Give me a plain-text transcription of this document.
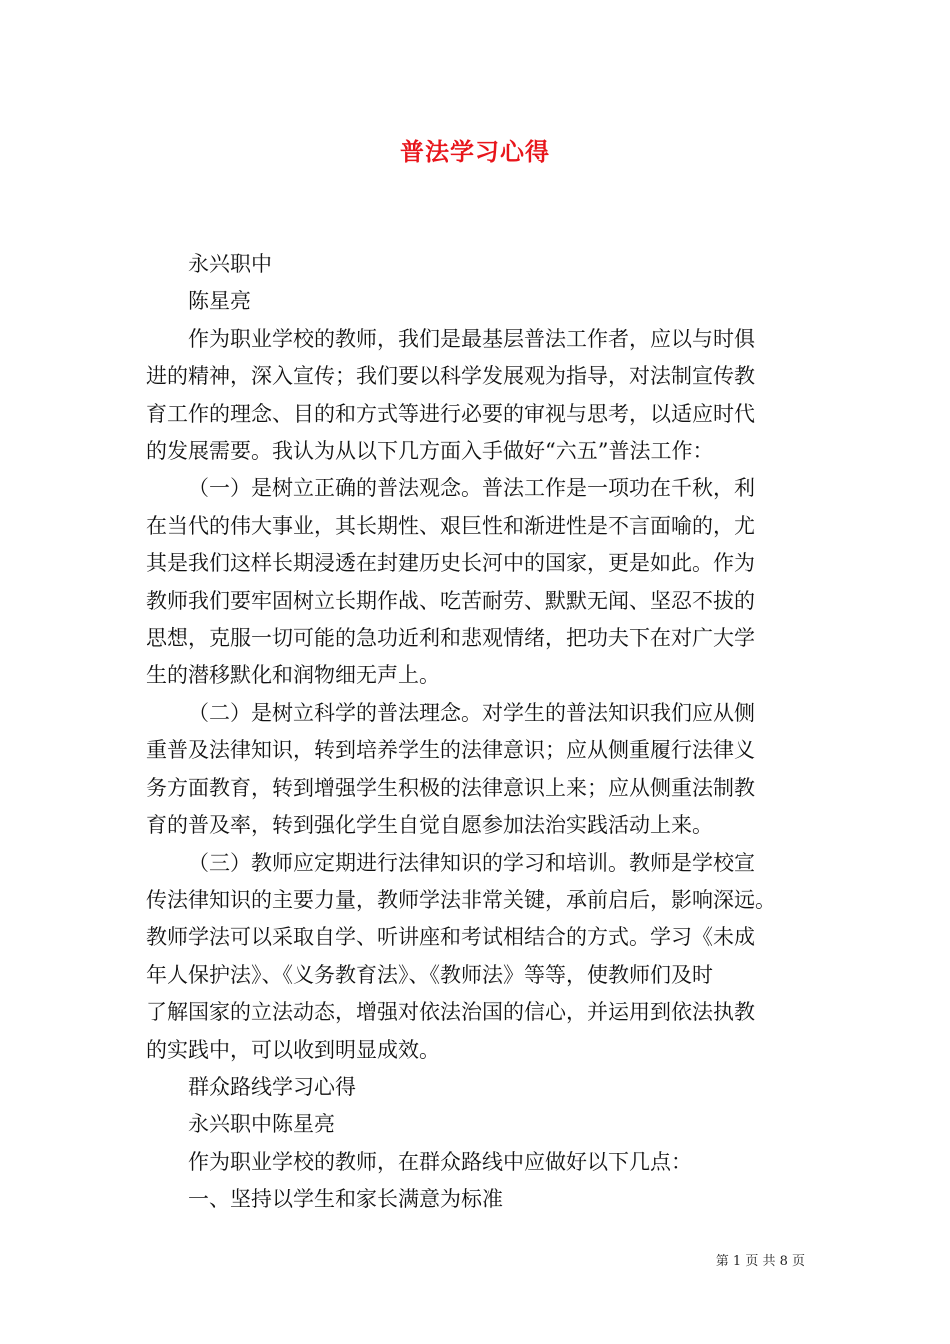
普法学习心得
永兴职中
陈星亮
作为职业学校的教师，我们是最基层普法工作者，应以与时俱
进的精神，深入宣传；我们要以科学发展观为指导，对法制宣传教
育工作的理念、目的和方式等进行必要的审视与思考，以适应时代
的发展需要。我认为从以下几方面入手做好“六五”普法工作：
（一）是树立正确的普法观念。普法工作是一项功在千秋，利
在当代的伟大事业，其长期性、艰巨性和渐进性是不言面喻的，尤
其是我们这样长期浸透在封建历史长河中的国家，更是如此。作为
教师我们要牢固树立长期作战、吃苦耐劳、默默无闻、坚忍不拔的
思想，克服一切可能的急功近利和悲观情绪，把功夫下在对广大学
生的潜移默化和润物细无声上。
（二）是树立科学的普法理念。对学生的普法知识我们应从侧
重普及法律知识，转到培养学生的法律意识；应从侧重履行法律义
务方面教育，转到增强学生积极的法律意识上来；应从侧重法制教
育的普及率，转到强化学生自觉自愿参加法治实践活动上来。
（三）教师应定期进行法律知识的学习和培训。教师是学校宣
传法律知识的主要力量，教师学法非常关键，承前启后，影响深远。
教师学法可以采取自学、听讲座和考试相结合的方式。学习《未成
年人保护法》、《义务教育法》、《教师法》等等，使教师们及时
了解国家的立法动态，增强对依法治国的信心，并运用到依法执教
的实践中，可以收到明显成效。
群众路线学习心得
永兴职中陈星亮
作为职业学校的教师，在群众路线中应做好以下几点：
一、坚持以学生和家长满意为标准
第 1 页 共 8 页
